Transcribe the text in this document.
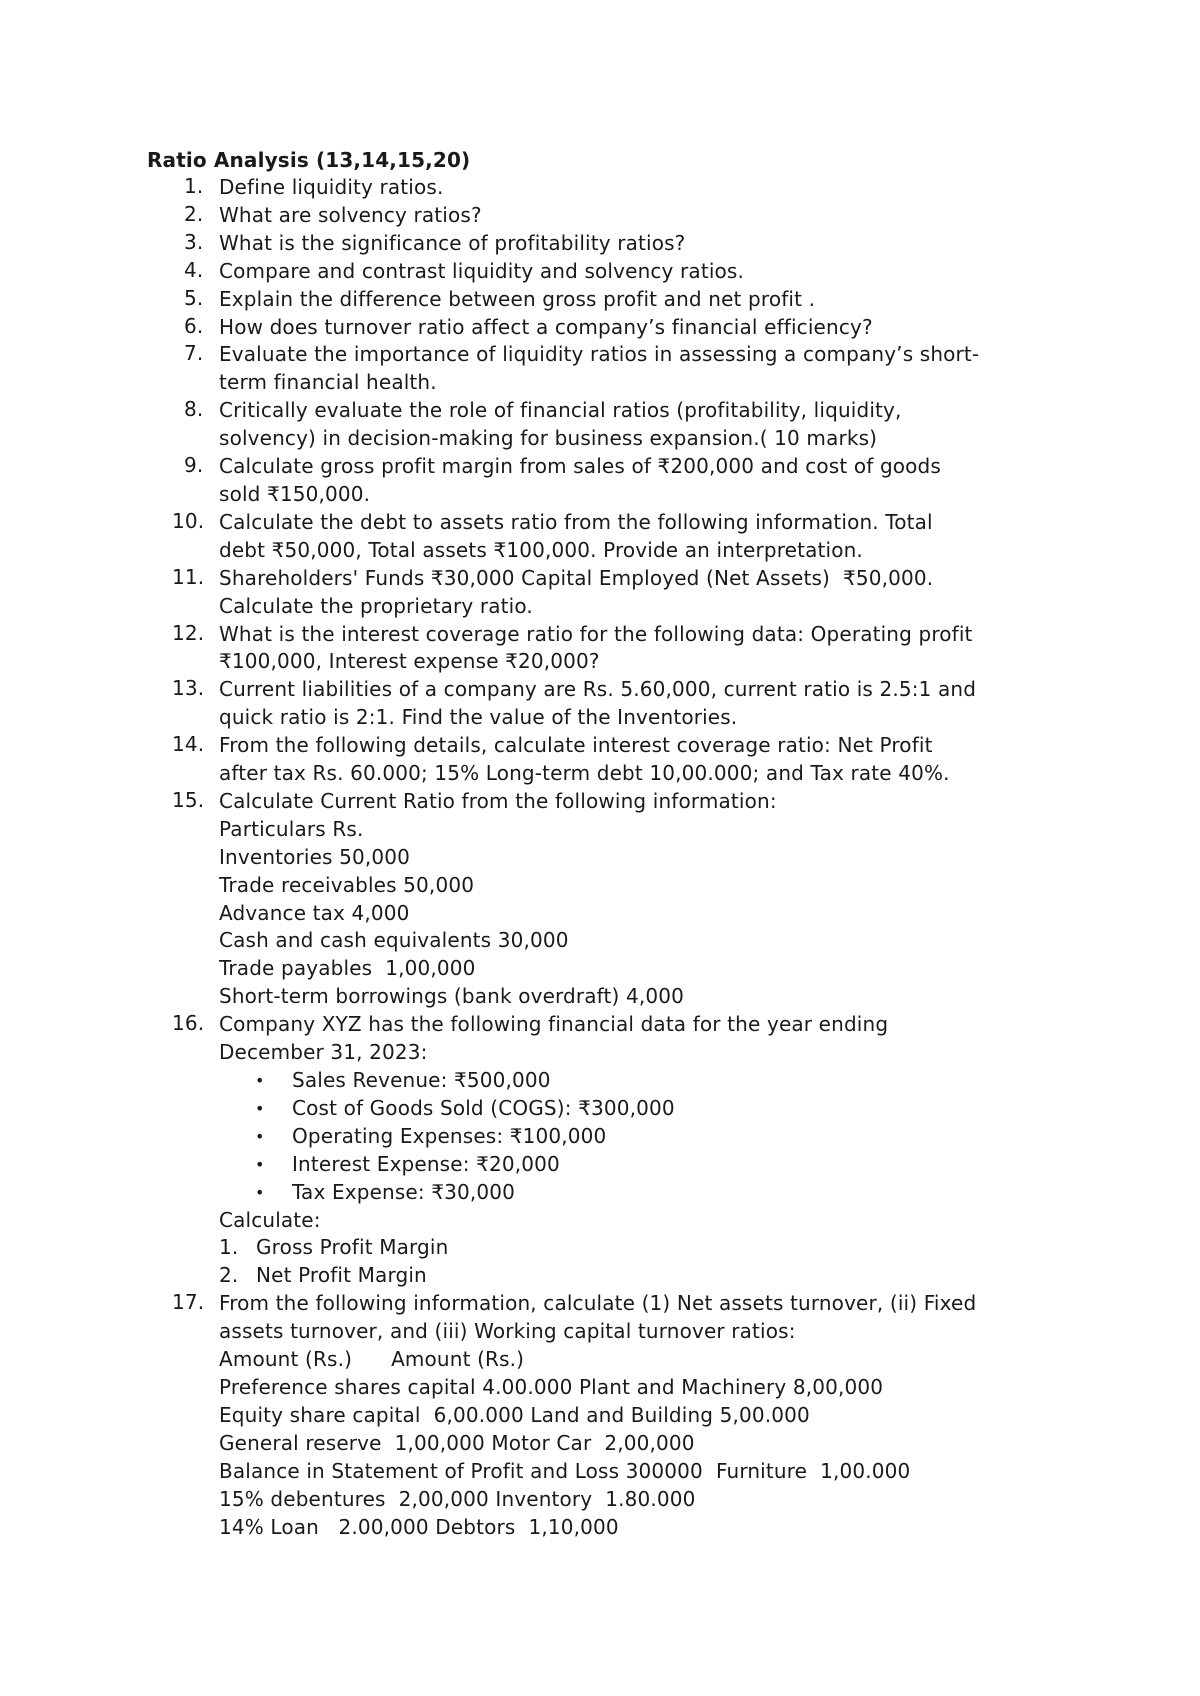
Ratio Analysis (13,14,15,20)
1. Define liquidity ratios.
2. What are solvency ratios?
3. What is the significance of profitability ratios?
4. Compare and contrast liquidity and solvency ratios.
5. Explain the difference between gross profit and net profit .
6. How does turnover ratio affect a company’s financial efficiency?
7. Evaluate the importance of liquidity ratios in assessing a company’s short-
term financial health.
8. Critically evaluate the role of financial ratios (profitability, liquidity,
solvency) in decision-making for business expansion.( 10 marks)
9. Calculate gross profit margin from sales of ₹200,000 and cost of goods
sold ₹150,000.
10. Calculate the debt to assets ratio from the following information. Total
debt ₹50,000, Total assets ₹100,000. Provide an interpretation.
11. Shareholders' Funds ₹30,000 Capital Employed (Net Assets)  ₹50,000.
Calculate the proprietary ratio.
12. What is the interest coverage ratio for the following data: Operating profit
₹100,000, Interest expense ₹20,000?
13. Current liabilities of a company are Rs. 5.60,000, current ratio is 2.5:1 and
quick ratio is 2:1. Find the value of the Inventories.
14. From the following details, calculate interest coverage ratio: Net Profit
after tax Rs. 60.000; 15% Long-term debt 10,00.000; and Tax rate 40%.
15. Calculate Current Ratio from the following information:
Particulars Rs.
Inventories 50,000
Trade receivables 50,000
Advance tax 4,000
Cash and cash equivalents 30,000
Trade payables  1,00,000
Short-term borrowings (bank overdraft) 4,000
16. Company XYZ has the following financial data for the year ending
December 31, 2023:
• Sales Revenue: ₹500,000
• Cost of Goods Sold (COGS): ₹300,000
• Operating Expenses: ₹100,000
• Interest Expense: ₹20,000
• Tax Expense: ₹30,000
Calculate:
1. Gross Profit Margin
2. Net Profit Margin
17. From the following information, calculate (1) Net assets turnover, (ii) Fixed
assets turnover, and (iii) Working capital turnover ratios:
Amount (Rs.)      Amount (Rs.)
Preference shares capital 4.00.000 Plant and Machinery 8,00,000
Equity share capital  6,00.000 Land and Building 5,00.000
General reserve  1,00,000 Motor Car  2,00,000
Balance in Statement of Profit and Loss 300000  Furniture  1,00.000
15% debentures  2,00,000 Inventory  1.80.000
14% Loan   2.00,000 Debtors  1,10,000
